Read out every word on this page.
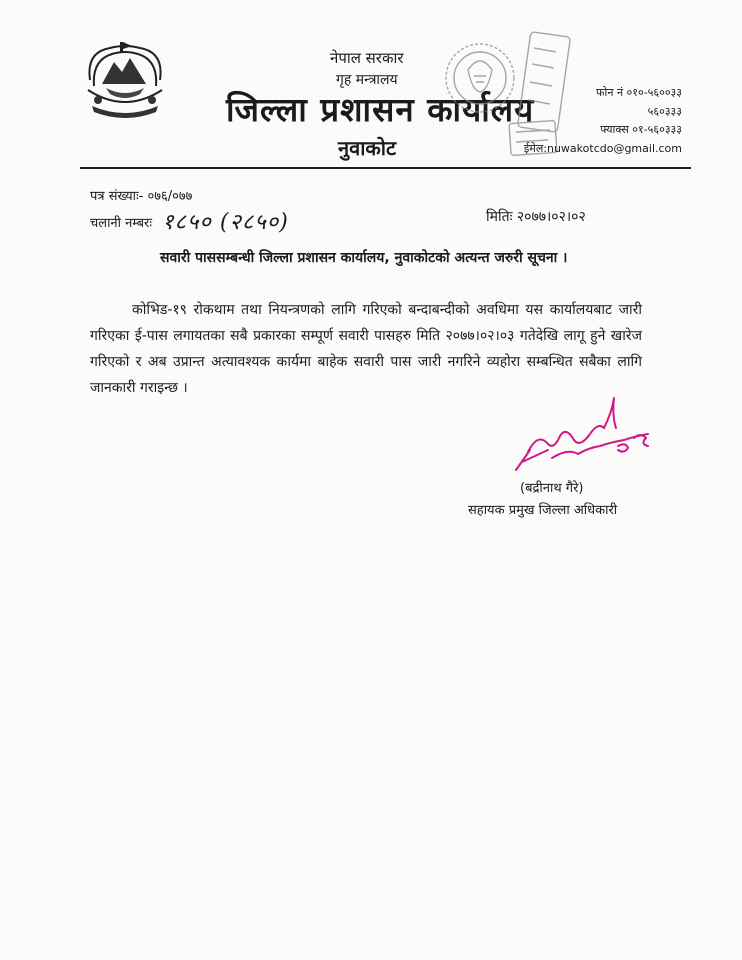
नेपाल सरकार
गृह मन्त्रालय
जिल्ला प्रशासन कार्यालय
नुवाकोट
फोन नं ०१०-५६००३३
५६०३३३
फ्याक्स ०१-५६०३३३
ईमेल:nuwakotcdo@gmail.com
पत्र संख्याः- ०७६/०७७
चलानी नम्बरः १८५० (२८५०)	मितिः २०७७।०२।०२
सवारी पाससम्बन्धी जिल्ला प्रशासन कार्यालय, नुवाकोटको अत्यन्त जरुरी सूचना ।
कोभिड-१९ रोकथाम तथा नियन्त्रणको लागि गरिएको बन्दाबन्दीको अवधिमा यस कार्यालयबाट जारी गरिएका ई-पास लगायतका सबै प्रकारका सम्पूर्ण सवारी पासहरु मिति २०७७।०२।०३ गतेदेखि लागू हुने खारेज गरिएको र अब उप्रान्त अत्यावश्यक कार्यमा बाहेक सवारी पास जारी नगरिने व्यहोरा सम्बन्धित सबैका लागि जानकारी गराइन्छ ।
(बद्रीनाथ गैरे)
सहायक प्रमुख जिल्ला अधिकारी
